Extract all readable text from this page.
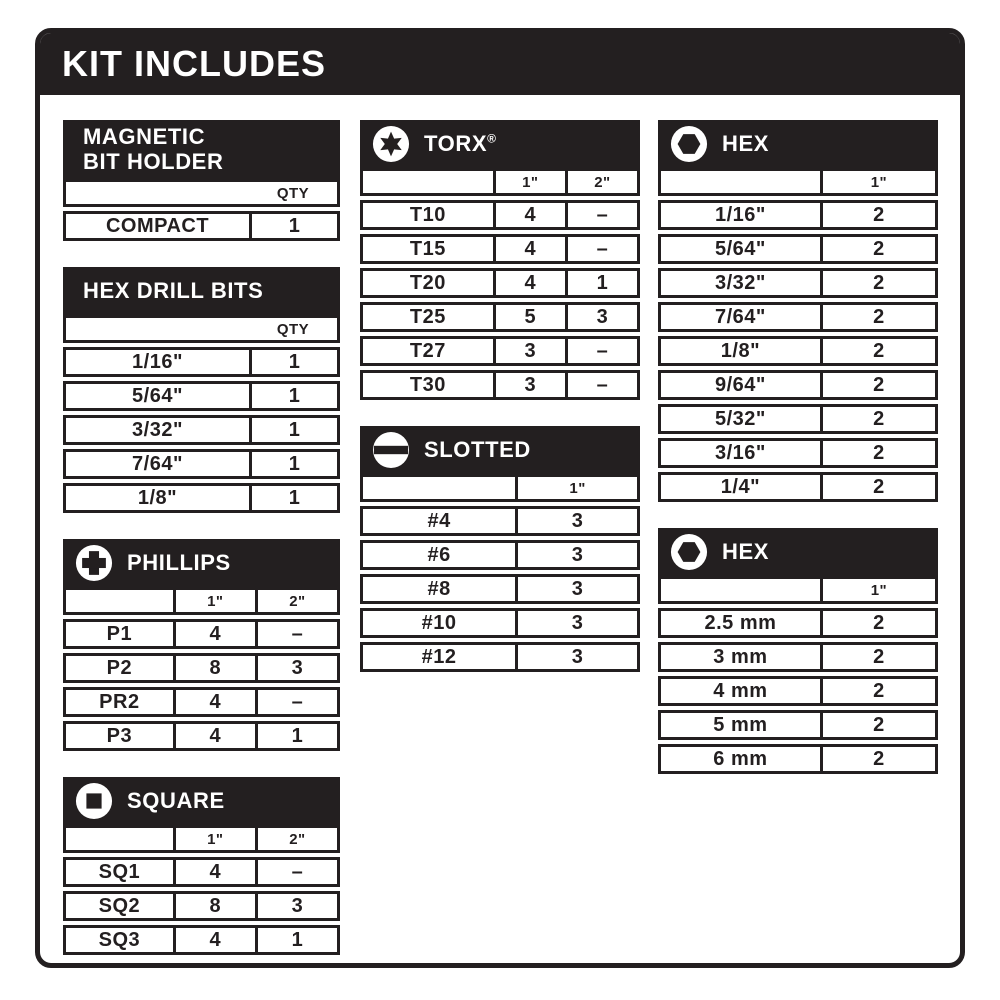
KIT INCLUDES
MAGNETIC
BIT HOLDER
QTY
COMPACT	1
HEX DRILL BITS
QTY
1/16"	1
5/64"	1
3/32"	1
7/64"	1
1/8"	1
PHILLIPS
1"	2"
P1	4	–
P2	8	3
PR2	4	–
P3	4	1
SQUARE
1"	2"
SQ1	4	–
SQ2	8	3
SQ3	4	1
TORX®
1"	2"
T10	4	–
T15	4	–
T20	4	1
T25	5	3
T27	3	–
T30	3	–
SLOTTED
1"
#4	3
#6	3
#8	3
#10	3
#12	3
HEX
1"
1/16"	2
5/64"	2
3/32"	2
7/64"	2
1/8"	2
9/64"	2
5/32"	2
3/16"	2
1/4"	2
HEX
1"
2.5 mm	2
3 mm	2
4 mm	2
5 mm	2
6 mm	2
